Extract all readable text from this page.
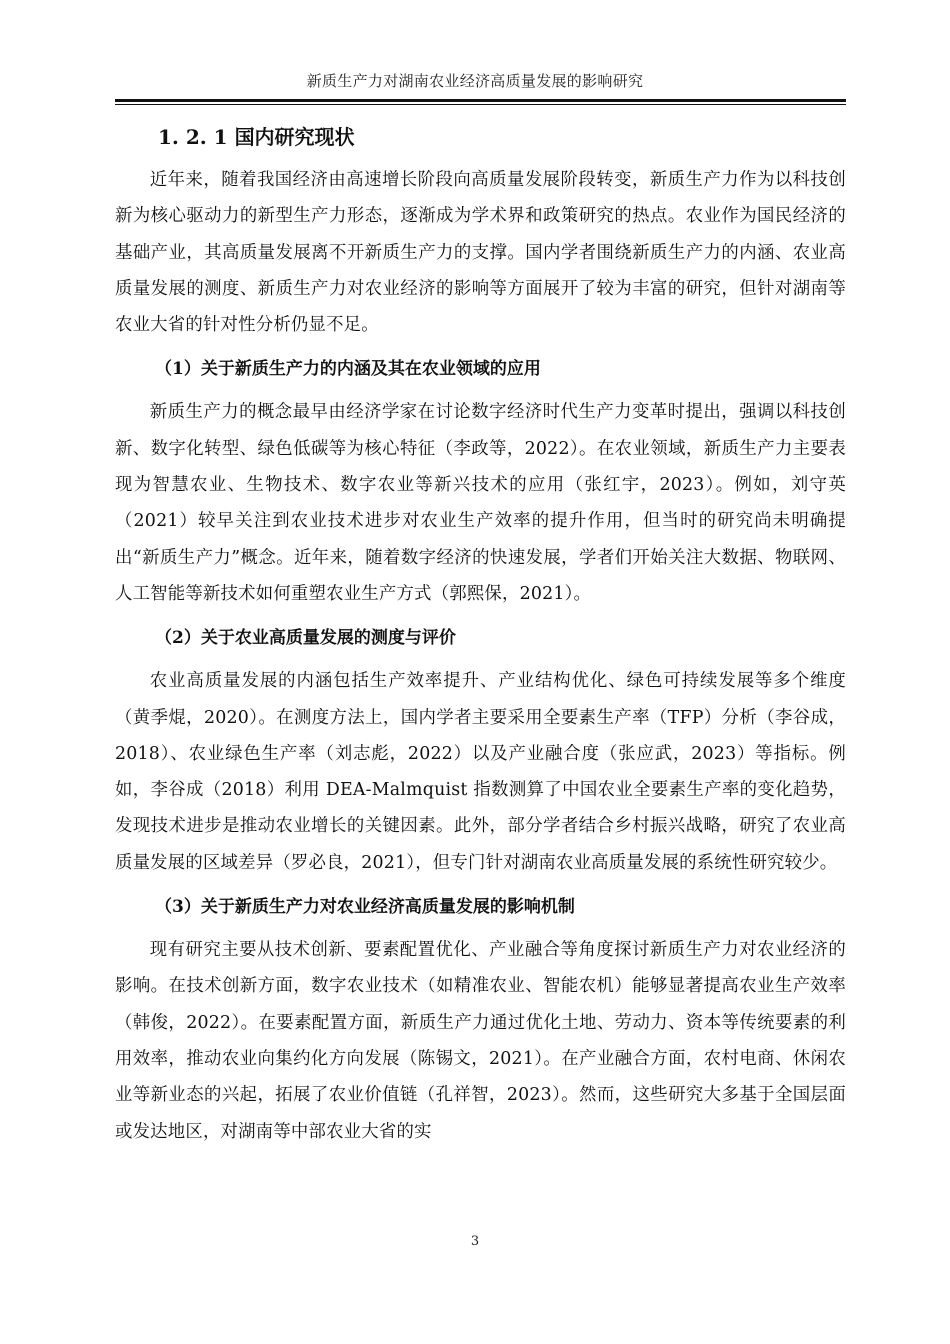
新质生产力对湖南农业经济高质量发展的影响研究
1. 2. 1 国内研究现状

近年来，随着我国经济由高速增长阶段向高质量发展阶段转变，新质生产力作为以科技创新为核心驱动力的新型生产力形态，逐渐成为学术界和政策研究的热点。农业作为国民经济的基础产业，其高质量发展离不开新质生产力的支撑。国内学者围绕新质生产力的内涵、农业高质量发展的测度、新质生产力对农业经济的影响等方面展开了较为丰富的研究，但针对湖南等农业大省的针对性分析仍显不足。

（1）关于新质生产力的内涵及其在农业领域的应用

新质生产力的概念最早由经济学家在讨论数字经济时代生产力变革时提出，强调以科技创新、数字化转型、绿色低碳等为核心特征（李政等，2022）。在农业领域，新质生产力主要表现为智慧农业、生物技术、数字农业等新兴技术的应用（张红宇，2023）。例如，刘守英（2021）较早关注到农业技术进步对农业生产效率的提升作用，但当时的研究尚未明确提出“新质生产力”概念。近年来，随着数字经济的快速发展，学者们开始关注大数据、物联网、人工智能等新技术如何重塑农业生产方式（郭熙保，2021）。

（2）关于农业高质量发展的测度与评价

农业高质量发展的内涵包括生产效率提升、产业结构优化、绿色可持续发展等多个维度（黄季焜，2020）。在测度方法上，国内学者主要采用全要素生产率（TFP）分析（李谷成，2018）、农业绿色生产率（刘志彪，2022）以及产业融合度（张应武，2023）等指标。例如，李谷成（2018）利用 DEA-Malmquist 指数测算了中国农业全要素生产率的变化趋势，发现技术进步是推动农业增长的关键因素。此外，部分学者结合乡村振兴战略，研究了农业高质量发展的区域差异（罗必良，2021），但专门针对湖南农业高质量发展的系统性研究较少。

（3）关于新质生产力对农业经济高质量发展的影响机制

现有研究主要从技术创新、要素配置优化、产业融合等角度探讨新质生产力对农业经济的影响。在技术创新方面，数字农业技术（如精准农业、智能农机）能够显著提高农业生产效率（韩俊，2022）。在要素配置方面，新质生产力通过优化土地、劳动力、资本等传统要素的利用效率，推动农业向集约化方向发展（陈锡文，2021）。在产业融合方面，农村电商、休闲农业等新业态的兴起，拓展了农业价值链（孔祥智，2023）。然而，这些研究大多基于全国层面或发达地区，对湖南等中部农业大省的实

3
